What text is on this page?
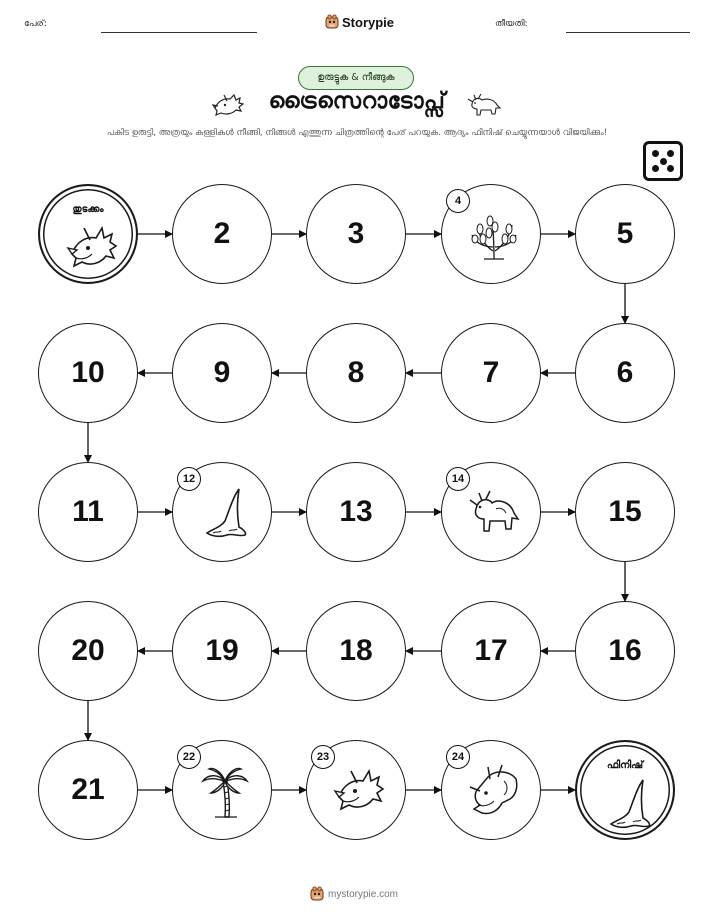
പേര്:	Storypie	തീയതി:
ഉരുട്ടുക & നീങ്ങുക
ട്രൈസെറാടോപ്സ്
പകിട ഉരുട്ടി, അത്രയും കള്ളികൾ നീങ്ങി, നിങ്ങൾ എത്തുന്ന ചിത്രത്തിന്റെ പേര് പറയുക. ആദ്യം ഫിനിഷ് ചെയ്യുന്നയാൾ വിജയിക്കും!
തുടക്കം
2	3
4
5
6
7
8
9
10
11
12
13
14
15
16
17
18
19
20
21
22	23	24
ഫിനിഷ്
mystorypie.com
